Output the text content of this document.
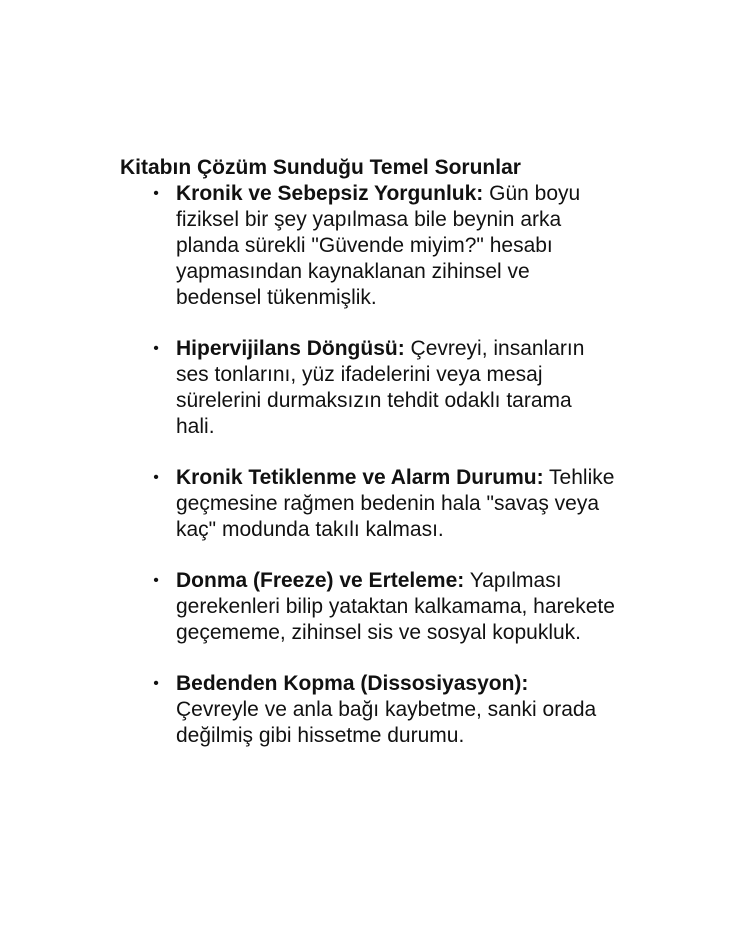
Kitabın Çözüm Sunduğu Temel Sorunlar
• Kronik ve Sebepsiz Yorgunluk: Gün boyu fiziksel bir şey yapılmasa bile beynin arka planda sürekli "Güvende miyim?" hesabı yapmasından kaynaklanan zihinsel ve bedensel tükenmişlik.
• Hipervijilans Döngüsü: Çevreyi, insanların ses tonlarını, yüz ifadelerini veya mesaj sürelerini durmaksızın tehdit odaklı tarama hali.
• Kronik Tetiklenme ve Alarm Durumu: Tehlike geçmesine rağmen bedenin hala "savaş veya kaç" modunda takılı kalması.
• Donma (Freeze) ve Erteleme: Yapılması gerekenleri bilip yataktan kalkamama, harekete geçememe, zihinsel sis ve sosyal kopukluk.
• Bedenden Kopma (Dissosiyasyon): Çevreyle ve anla bağı kaybetme, sanki orada değilmiş gibi hissetme durumu.
